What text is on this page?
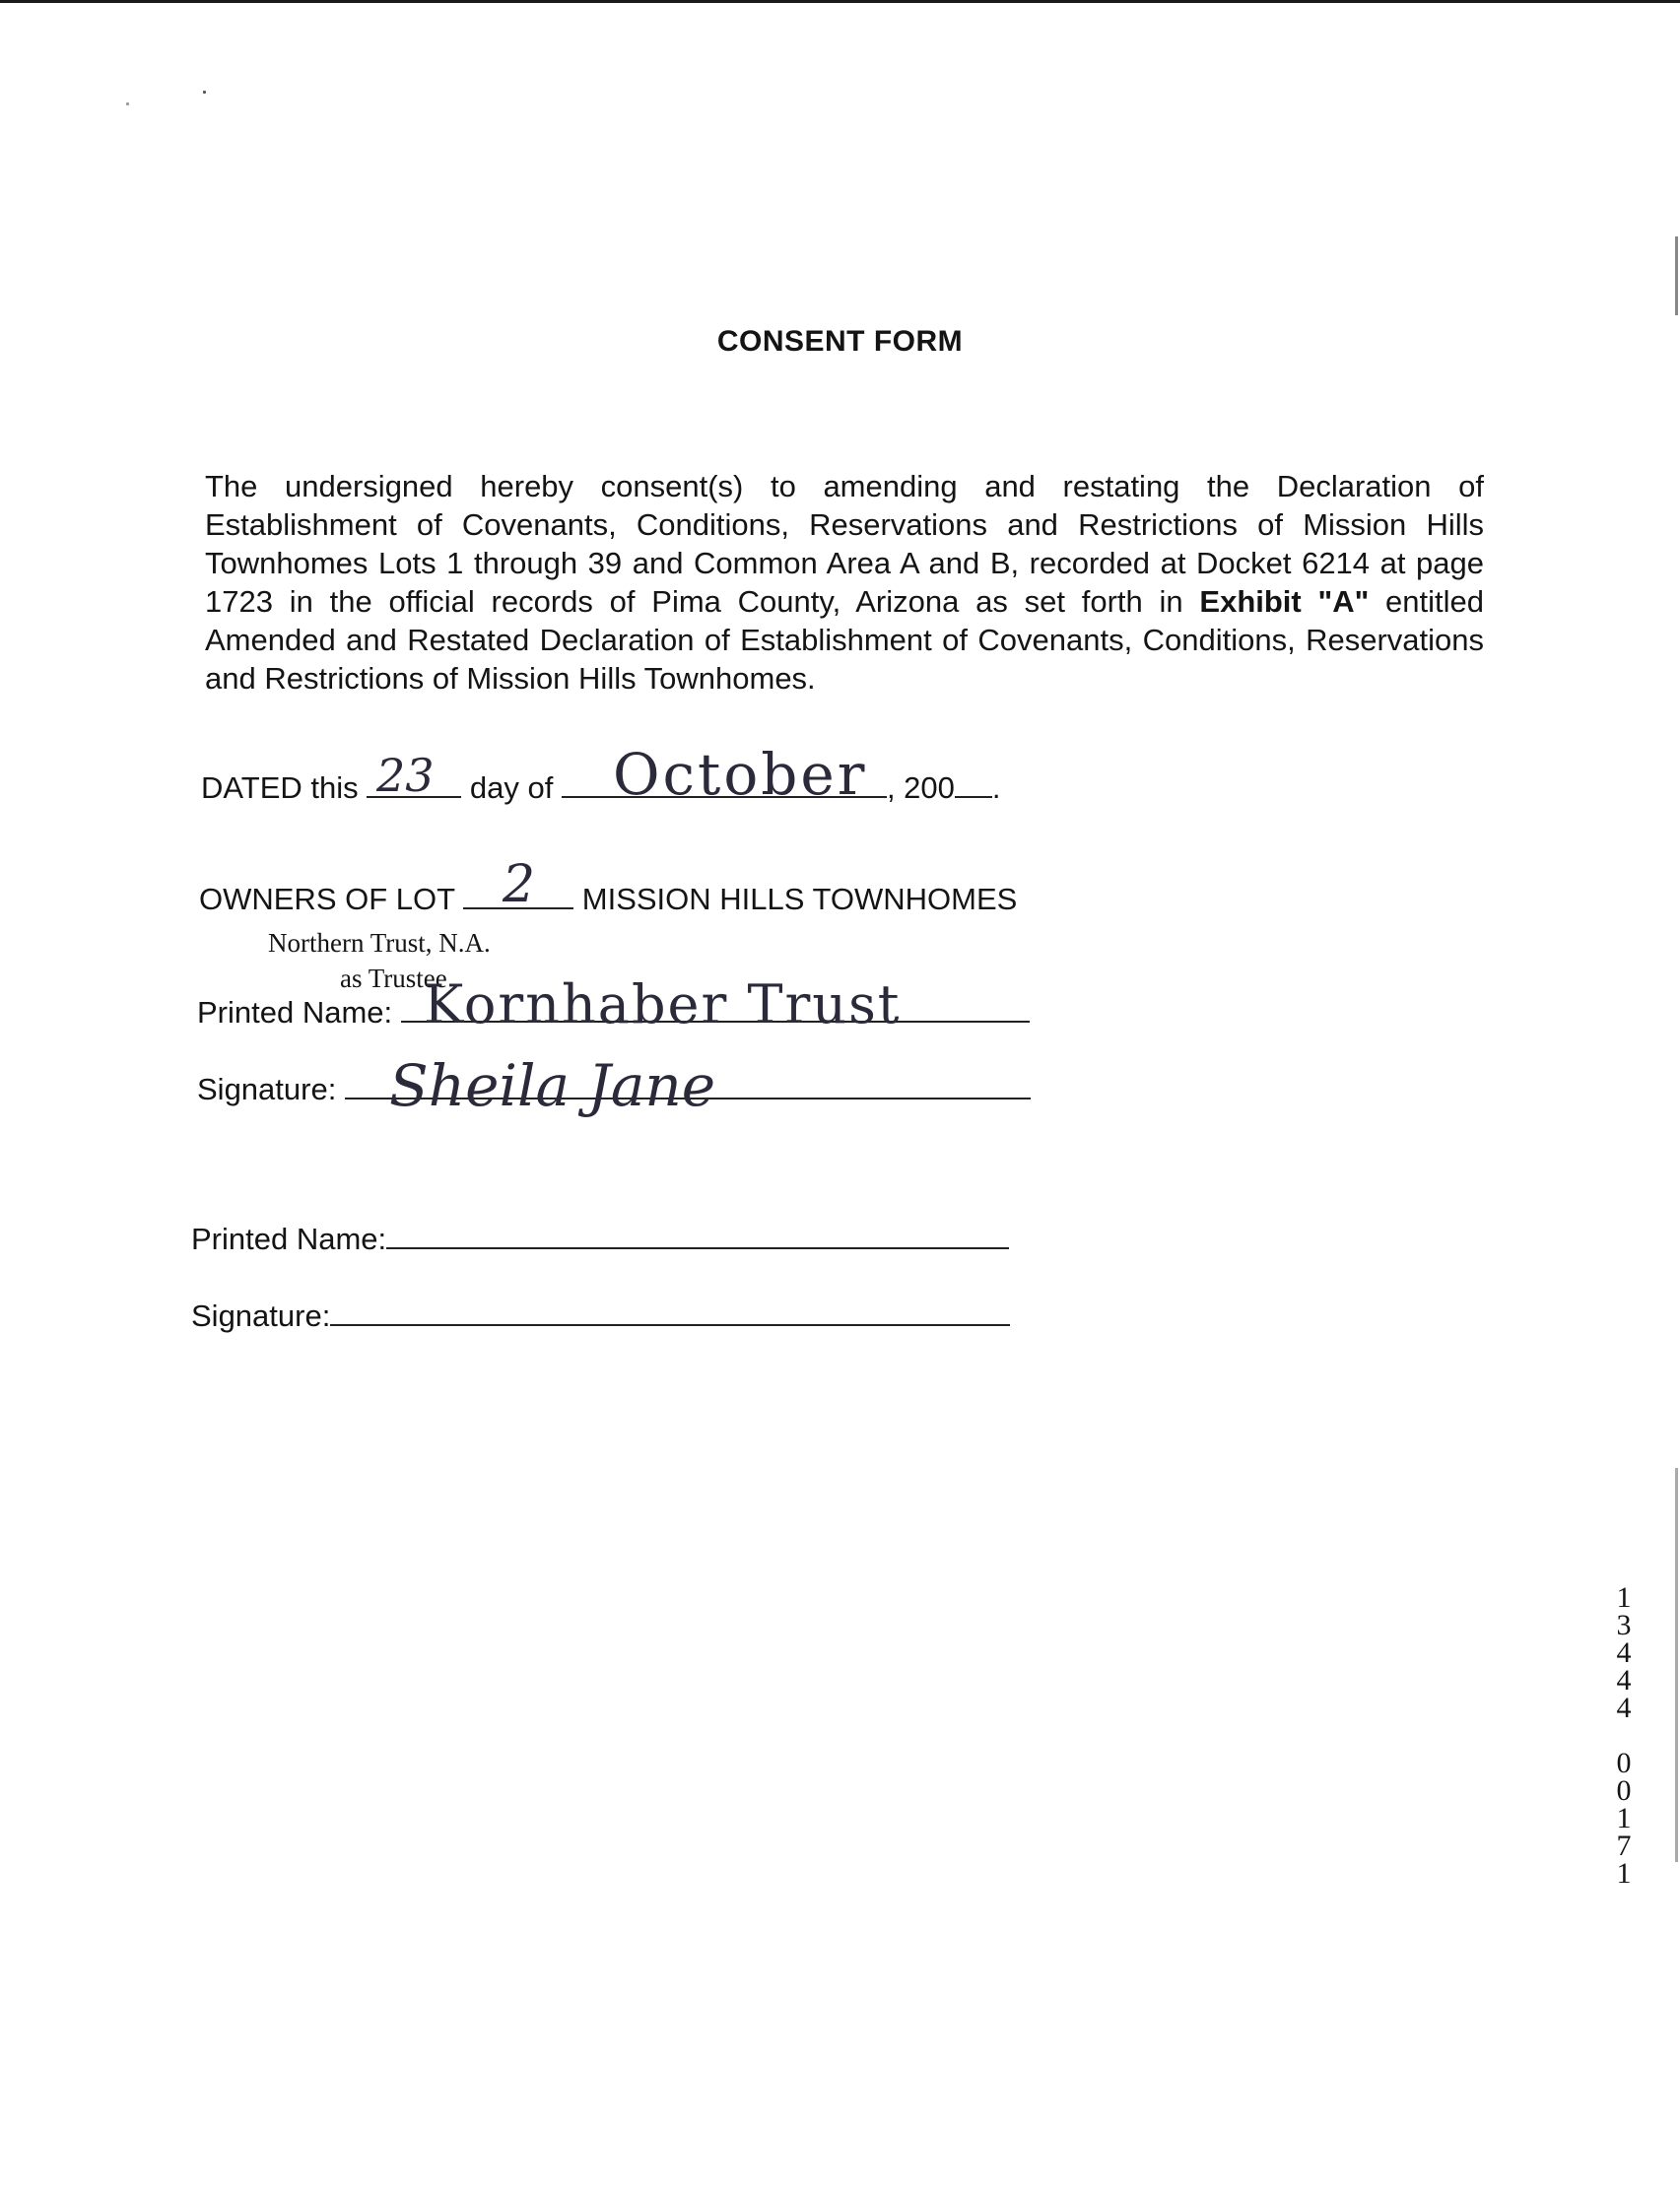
CONSENT FORM
The undersigned hereby consent(s) to amending and restating the Declaration of Establishment of Covenants, Conditions, Reservations and Restrictions of Mission Hills Townhomes Lots 1 through 39 and Common Area A and B, recorded at Docket 6214 at page 1723 in the official records of Pima County, Arizona as set forth in Exhibit "A" entitled Amended and Restated Declaration of Establishment of Covenants, Conditions, Reservations and Restrictions of Mission Hills Townhomes.
DATED this	day of	, 200 .
23	October
OWNERS OF LOT	MISSION HILLS TOWNHOMES
2
Northern Trust, N.A.
as Trustee
Printed Name: Kornhaber Trust
Signature: Sheila Jane
Printed Name:
Signature:
1
3
4
4
4
0
0
1
7
1
